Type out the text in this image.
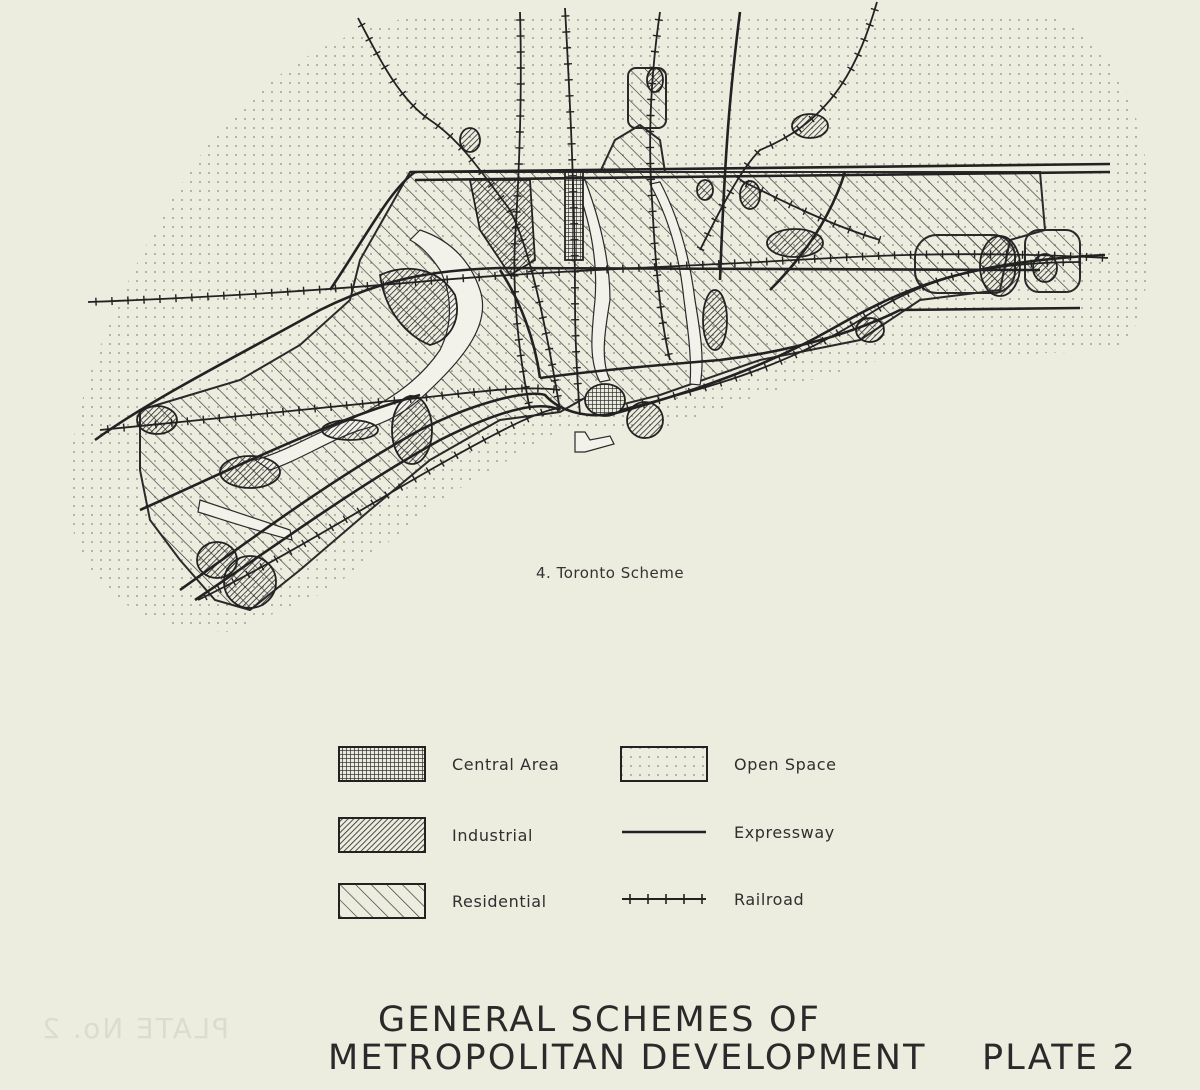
PLATE No. 2
4. Toronto Scheme
Central Area
Industrial
Residential
Open Space
Expressway
Railroad
GENERAL SCHEMES OF
METROPOLITAN DEVELOPMENT PLATE 2
